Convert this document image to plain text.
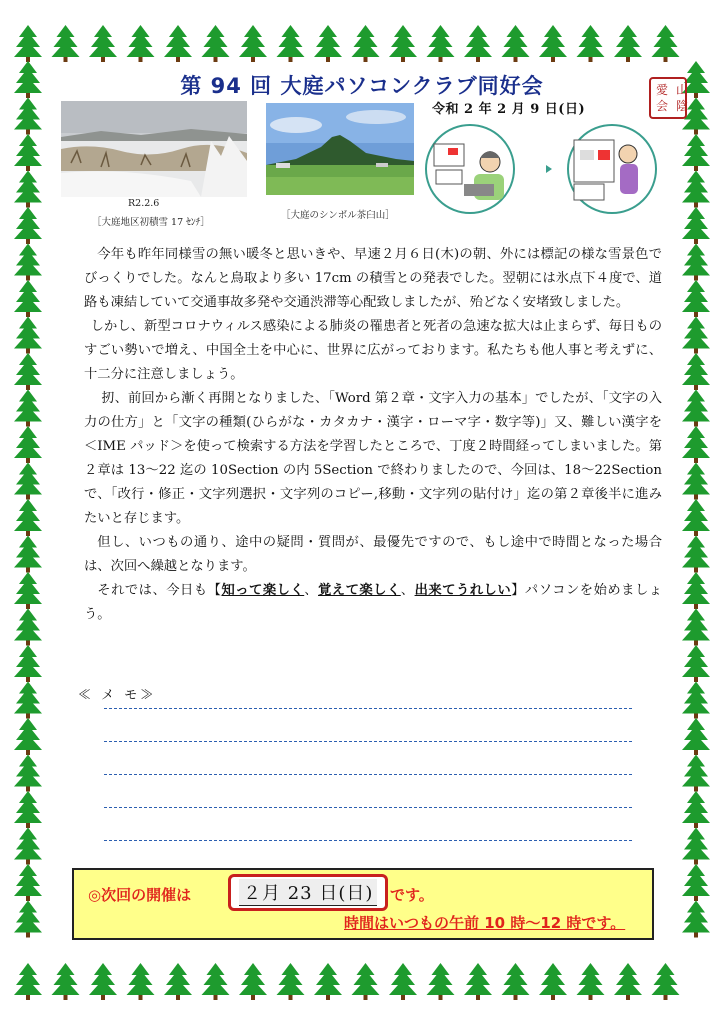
第 94 回 大庭パソコンクラブ同好会
令和 2 年 2 月 9 日(日)
山
陰
愛
会
R2.2.6
［大庭地区初積雪 17 ｾﾝﾁ］
［大庭のシンボル茶臼山］

今年も昨年同様雪の無い暖冬と思いきや、早速２月６日(木)の朝、外には標記の様な雪景色でびっくりでした。なんと鳥取より多い 17cm の積雪との発表でした。翌朝には氷点下４度で、道路も凍結していて交通事故多発や交通渋滞等心配致しましたが、殆どなく安堵致しました。

しかし、新型コロナウィルス感染による肺炎の罹患者と死者の急速な拡大は止まらず、毎日ものすごい勢いで増え、中国全土を中心に、世界に広がっております。私たちも他人事と考えずに、十二分に注意しましょう。

扨、前回から漸く再開となりました、「Word 第２章・文字入力の基本」でしたが、「文字の入力の仕方」と「文字の種類(ひらがな・カタカナ・漢字・ローマ字・数字等)」又、難しい漢字を＜IME パッド＞を使って検索する方法を学習したところで、丁度２時間経ってしまいました。第２章は 13～22 迄の 10Section の内 5Section で終わりましたので、今回は、18～22Section で、「改行・修正・文字列選択・文字列のコピー,移動・文字列の貼付け」迄の第２章後半に進みたいと存じます。

但し、いつもの通り、途中の疑問・質問が、最優先ですので、もし途中で時間となった場合は、次回へ繰越となります。

それでは、今日も【知って楽しく、覚えて楽しく、出来てうれしい】パソコンを始めましょう。

≪ メ モ≫
◎次回の開催は	２月 23 日(日)	です。
時間はいつもの午前 10 時～12 時です。
